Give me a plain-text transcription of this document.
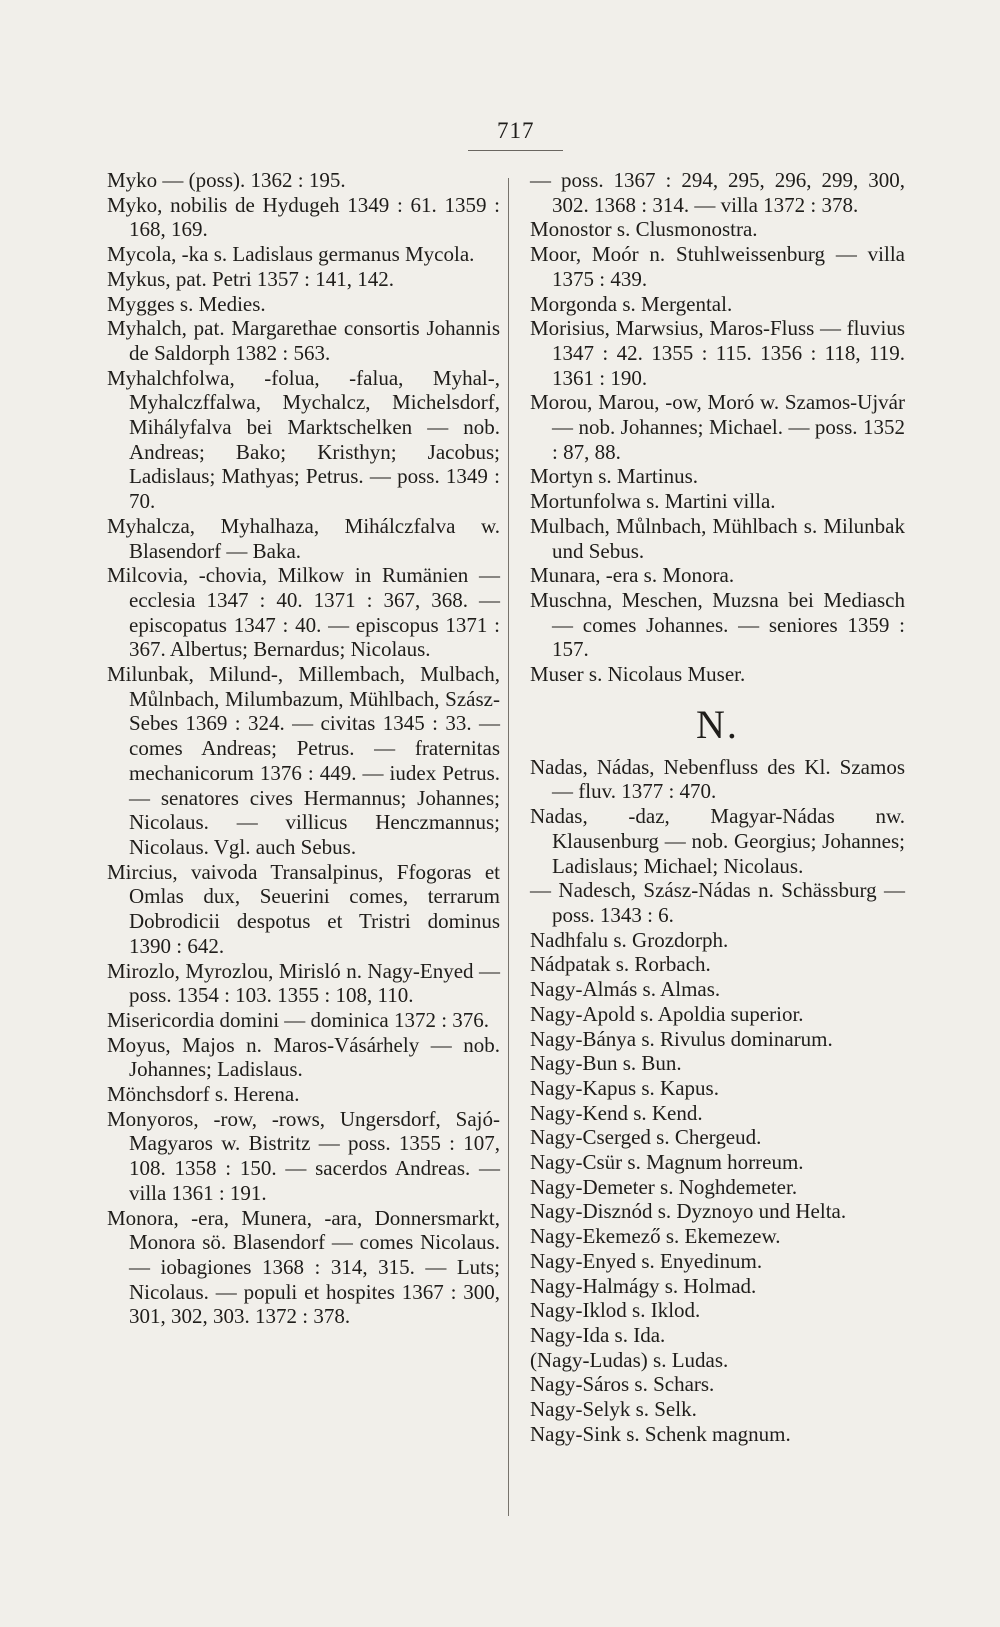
717

Myko — (poss). 1362 : 195.

Myko, nobilis de Hydugeh 1349 : 61. 1359 : 168, 169.

Mycola, -ka s. Ladislaus germanus Mycola.

Mykus, pat. Petri 1357 : 141, 142.

Mygges s. Medies.

Myhalch, pat. Margarethae consortis Johannis de Saldorph 1382 : 563.

Myhalchfolwa, -folua, -falua, Myhal-, Myhalczffalwa, Mychalcz, Michelsdorf, Mihályfalva bei Marktschelken — nob. Andreas; Bako; Kristhyn; Jacobus; Ladislaus; Mathyas; Petrus. — poss. 1349 : 70.

Myhalcza, Myhalhaza, Mihálczfalva w. Blasendorf — Baka.

Milcovia, -chovia, Milkow in Rumänien — ecclesia 1347 : 40. 1371 : 367, 368. — episcopatus 1347 : 40. — episcopus 1371 : 367. Albertus; Bernardus; Nicolaus.

Milunbak, Milund-, Millembach, Mulbach, Můlnbach, Milumbazum, Mühlbach, Szász-Sebes 1369 : 324. — civitas 1345 : 33. — comes Andreas; Petrus. — fraternitas mechanicorum 1376 : 449. — iudex Petrus. — senatores cives Hermannus; Johannes; Nicolaus. — villicus Henczmannus; Nicolaus. Vgl. auch Sebus.

Mircius, vaivoda Transalpinus, Ffogoras et Omlas dux, Seuerini comes, terrarum Dobrodicii despotus et Tristri dominus 1390 : 642.

Mirozlo, Myrozlou, Mirisló n. Nagy-Enyed — poss. 1354 : 103. 1355 : 108, 110.

Misericordia domini — dominica 1372 : 376.

Moyus, Majos n. Maros-Vásárhely — nob. Johannes; Ladislaus.

Mönchsdorf s. Herena.

Monyoros, -row, -rows, Ungersdorf, Sajó-Magyaros w. Bistritz — poss. 1355 : 107, 108. 1358 : 150. — sacerdos Andreas. — villa 1361 : 191.

Monora, -era, Munera, -ara, Donnersmarkt, Monora sö. Blasendorf — comes Nicolaus. — iobagiones 1368 : 314, 315. — Luts; Nicolaus. — populi et hospites 1367 : 300, 301, 302, 303. 1372 : 378.

— poss. 1367 : 294, 295, 296, 299, 300, 302. 1368 : 314. — villa 1372 : 378.

Monostor s. Clusmonostra.

Moor, Moór n. Stuhlweissenburg — villa 1375 : 439.

Morgonda s. Mergental.

Morisius, Marwsius, Maros-Fluss — fluvius 1347 : 42. 1355 : 115. 1356 : 118, 119. 1361 : 190.

Morou, Marou, -ow, Moró w. Szamos-Ujvár — nob. Johannes; Michael. — poss. 1352 : 87, 88.

Mortyn s. Martinus.

Mortunfolwa s. Martini villa.

Mulbach, Můlnbach, Mühlbach s. Milunbak und Sebus.

Munara, -era s. Monora.

Muschna, Meschen, Muzsna bei Mediasch — comes Johannes. — seniores 1359 : 157.

Muser s. Nicolaus Muser.

N.

Nadas, Nádas, Nebenfluss des Kl. Szamos — fluv. 1377 : 470.

Nadas, -daz, Magyar-Nádas nw. Klausenburg — nob. Georgius; Johannes; Ladislaus; Michael; Nicolaus.

— Nadesch, Szász-Nádas n. Schässburg — poss. 1343 : 6.

Nadhfalu s. Grozdorph.

Nádpatak s. Rorbach.

Nagy-Almás s. Almas.

Nagy-Apold s. Apoldia superior.

Nagy-Bánya s. Rivulus dominarum.

Nagy-Bun s. Bun.

Nagy-Kapus s. Kapus.

Nagy-Kend s. Kend.

Nagy-Cserged s. Chergeud.

Nagy-Csür s. Magnum horreum.

Nagy-Demeter s. Noghdemeter.

Nagy-Disznód s. Dyznoyo und Helta.

Nagy-Ekemező s. Ekemezew.

Nagy-Enyed s. Enyedinum.

Nagy-Halmágy s. Holmad.

Nagy-Iklod s. Iklod.

Nagy-Ida s. Ida.

(Nagy-Ludas) s. Ludas.

Nagy-Sáros s. Schars.

Nagy-Selyk s. Selk.

Nagy-Sink s. Schenk magnum.
